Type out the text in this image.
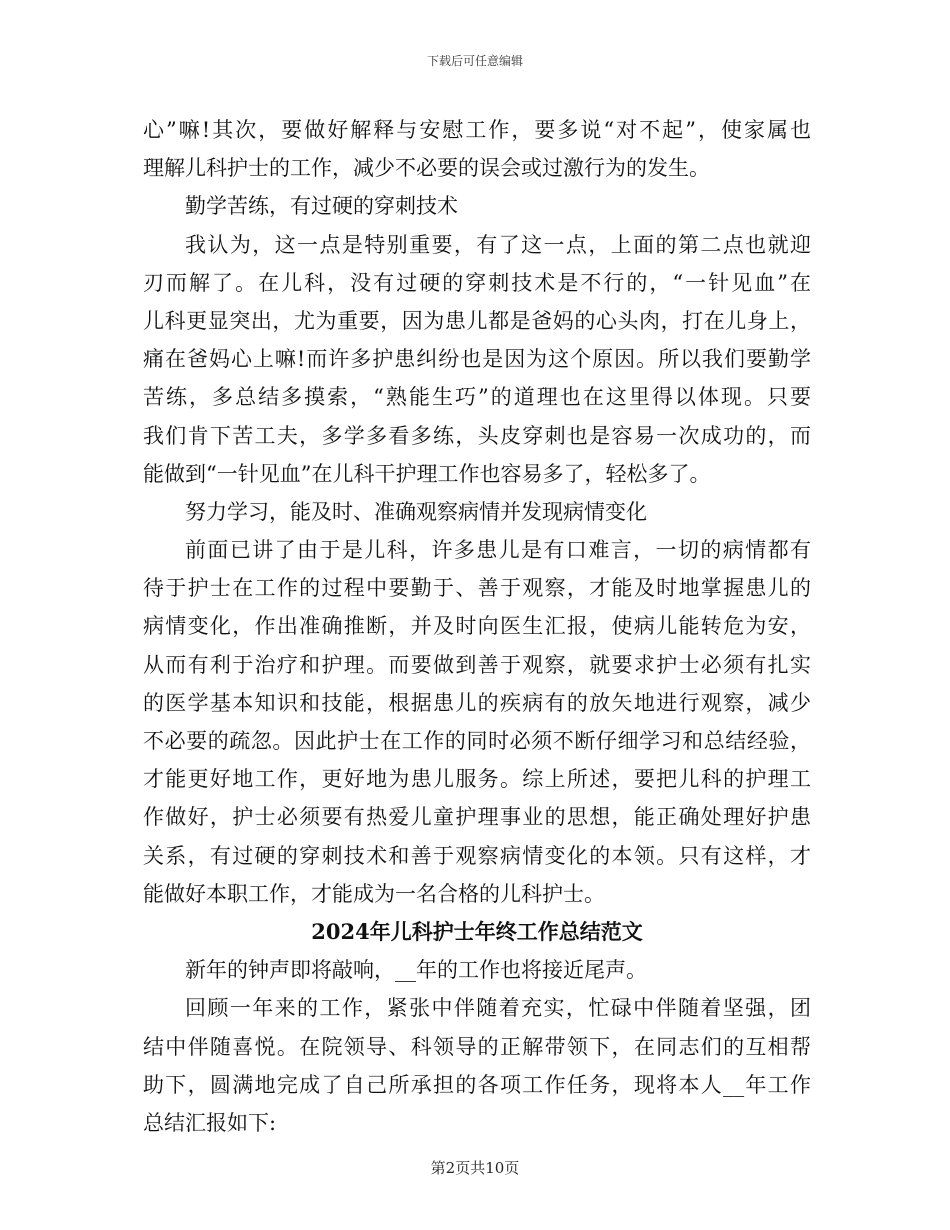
下载后可任意编辑
心”嘛!其次，要做好解释与安慰工作，要多说“对不起”，使家属也
理解儿科护士的工作，减少不必要的误会或过激行为的发生。
勤学苦练，有过硬的穿刺技术
我认为，这一点是特别重要，有了这一点，上面的第二点也就迎
刃而解了。在儿科，没有过硬的穿刺技术是不行的，“一针见血”在
儿科更显突出，尤为重要，因为患儿都是爸妈的心头肉，打在儿身上，
痛在爸妈心上嘛!而许多护患纠纷也是因为这个原因。所以我们要勤学
苦练，多总结多摸索，“熟能生巧”的道理也在这里得以体现。只要
我们肯下苦工夫，多学多看多练，头皮穿刺也是容易一次成功的，而
能做到“一针见血”在儿科干护理工作也容易多了，轻松多了。
努力学习，能及时、准确观察病情并发现病情变化
前面已讲了由于是儿科，许多患儿是有口难言，一切的病情都有
待于护士在工作的过程中要勤于、善于观察，才能及时地掌握患儿的
病情变化，作出准确推断，并及时向医生汇报，使病儿能转危为安，
从而有利于治疗和护理。而要做到善于观察，就要求护士必须有扎实
的医学基本知识和技能，根据患儿的疾病有的放矢地进行观察，减少
不必要的疏忽。因此护士在工作的同时必须不断仔细学习和总结经验，
才能更好地工作，更好地为患儿服务。综上所述，要把儿科的护理工
作做好，护士必须要有热爱儿童护理事业的思想，能正确处理好护患
关系，有过硬的穿刺技术和善于观察病情变化的本领。只有这样，才
能做好本职工作，才能成为一名合格的儿科护士。
2024年儿科护士年终工作总结范文
新年的钟声即将敲响，__年的工作也将接近尾声。
回顾一年来的工作，紧张中伴随着充实，忙碌中伴随着坚强，团
结中伴随喜悦。在院领导、科领导的正解带领下，在同志们的互相帮
助下，圆满地完成了自己所承担的各项工作任务，现将本人__年工作
总结汇报如下:
第2页共10页
